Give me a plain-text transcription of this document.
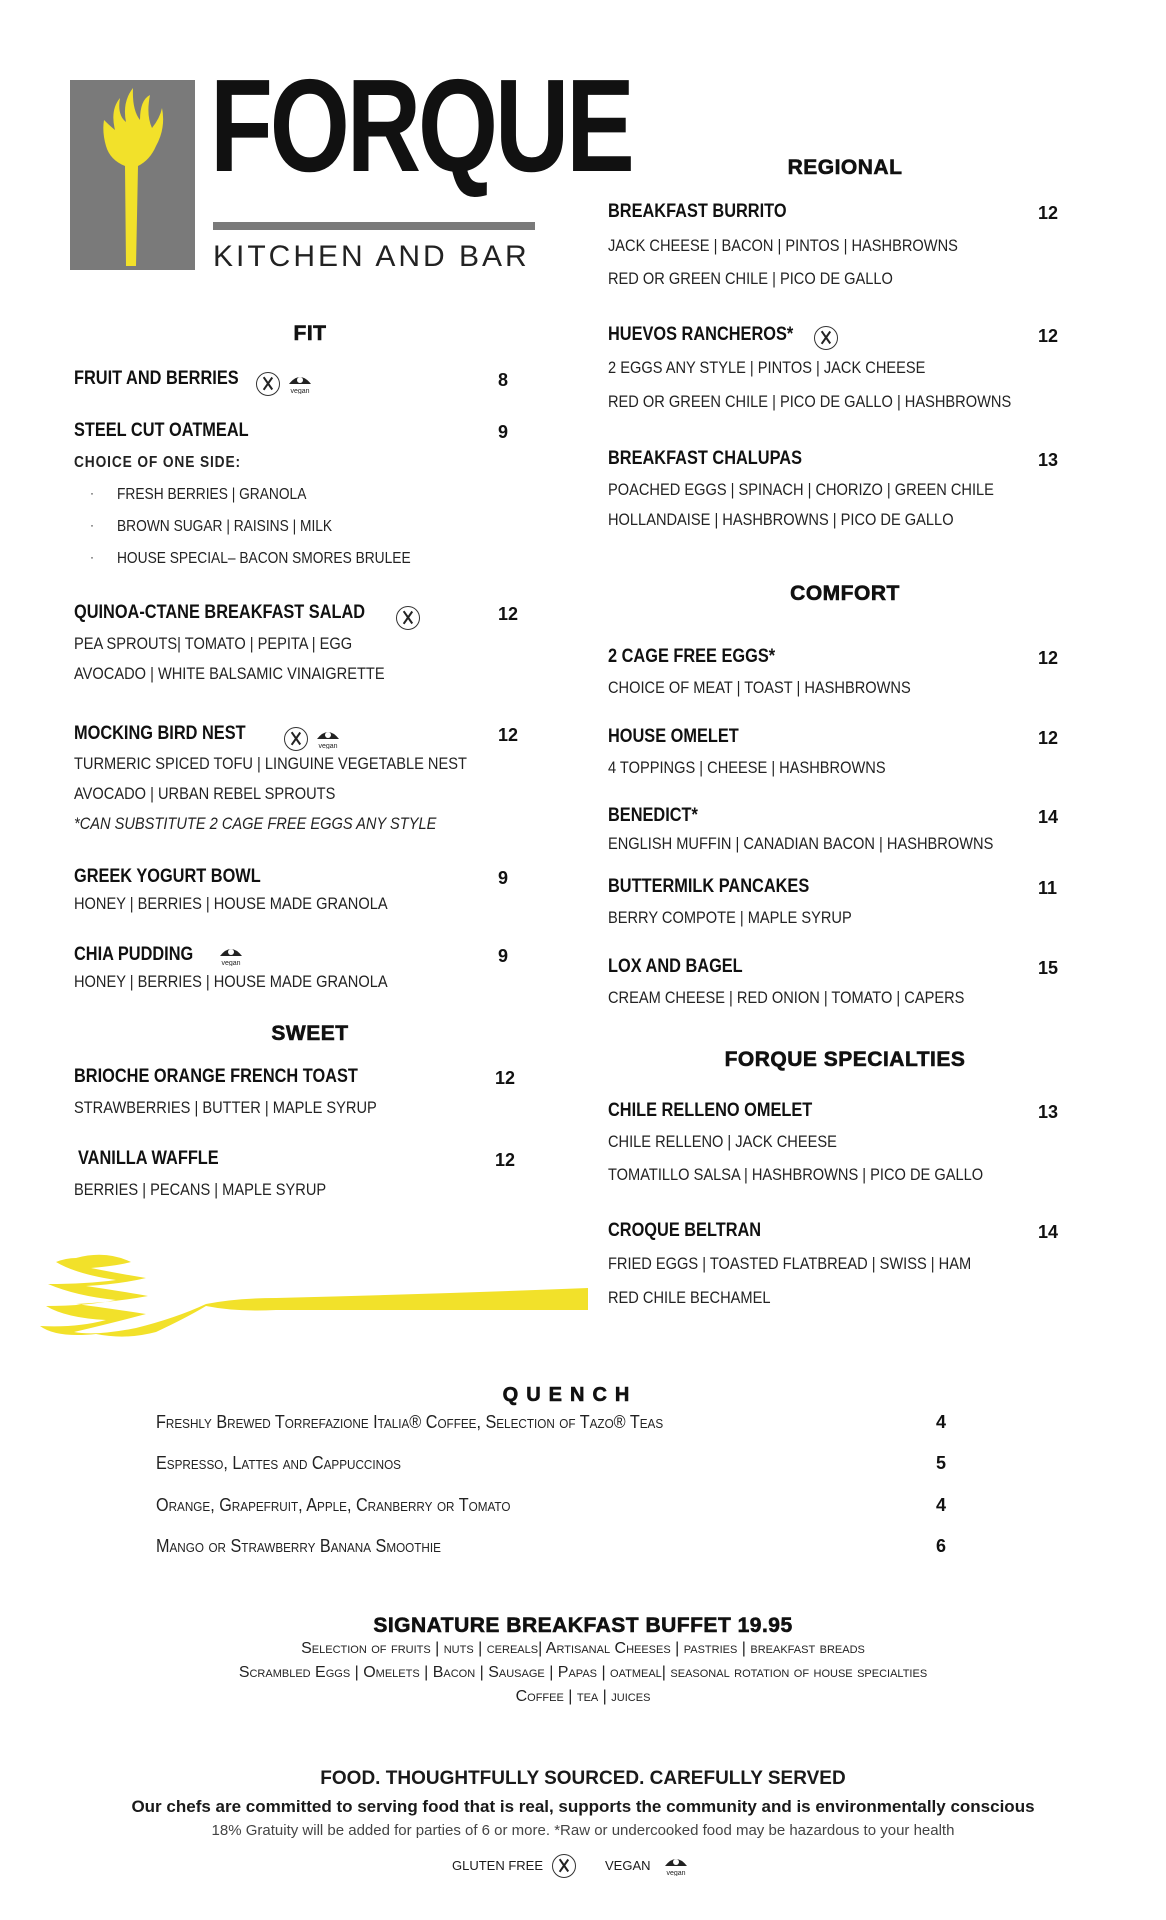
FORQUE
KITCHEN AND BAR
FIT
FRUIT AND BERRIES
vegan
8
STEEL CUT OATMEAL	9
CHOICE OF ONE SIDE:
· FRESH BERRIES | GRANOLA
· BROWN SUGAR | RAISINS | MILK
· HOUSE SPECIAL– BACON SMORES BRULEE
QUINOA-CTANE BREAKFAST SALAD	12
PEA SPROUTS| TOMATO | PEPITA | EGG
AVOCADO | WHITE BALSAMIC VINAIGRETTE
MOCKING BIRD NEST
vegan
12
TURMERIC SPICED TOFU | LINGUINE VEGETABLE NEST
AVOCADO | URBAN REBEL SPROUTS
*CAN SUBSTITUTE 2 CAGE FREE EGGS ANY STYLE
GREEK YOGURT BOWL	9
HONEY | BERRIES | HOUSE MADE GRANOLA
CHIA PUDDING	vegan	9
HONEY | BERRIES | HOUSE MADE GRANOLA
SWEET
BRIOCHE ORANGE FRENCH TOAST	12
STRAWBERRIES | BUTTER | MAPLE SYRUP
VANILLA WAFFLE	12
BERRIES | PECANS | MAPLE SYRUP
REGIONAL
BREAKFAST BURRITO	12
JACK CHEESE | BACON | PINTOS | HASHBROWNS
RED OR GREEN CHILE | PICO DE GALLO
HUEVOS RANCHEROS*	12
2 EGGS ANY STYLE | PINTOS | JACK CHEESE
RED OR GREEN CHILE | PICO DE GALLO | HASHBROWNS
BREAKFAST CHALUPAS	13
POACHED EGGS | SPINACH | CHORIZO | GREEN CHILE
HOLLANDAISE | HASHBROWNS | PICO DE GALLO
COMFORT
2 CAGE FREE EGGS*	12
CHOICE OF MEAT | TOAST | HASHBROWNS
HOUSE OMELET	12
4 TOPPINGS | CHEESE | HASHBROWNS
BENEDICT*	14
ENGLISH MUFFIN | CANADIAN BACON | HASHBROWNS
BUTTERMILK PANCAKES	11
BERRY COMPOTE | MAPLE SYRUP
LOX AND BAGEL	15
CREAM CHEESE | RED ONION | TOMATO | CAPERS
FORQUE SPECIALTIES
CHILE RELLENO OMELET	13
CHILE RELLENO | JACK CHEESE
TOMATILLO SALSA | HASHBROWNS | PICO DE GALLO
CROQUE BELTRAN	14
FRIED EGGS | TOASTED FLATBREAD | SWISS | HAM
RED CHILE BECHAMEL
QUENCH
Freshly Brewed Torrefazione Italia® Coffee, Selection of Tazo® Teas	4
Espresso, Lattes and Cappuccinos	5
Orange, Grapefruit, Apple, Cranberry or Tomato	4
Mango or Strawberry Banana Smoothie	6
SIGNATURE BREAKFAST BUFFET 19.95
Selection of fruits | nuts | cereals| Artisanal Cheeses | pastries | breakfast breads
Scrambled Eggs | Omelets | Bacon | Sausage | Papas | oatmeal| seasonal rotation of house specialties
Coffee | tea | juices
FOOD. THOUGHTFULLY SOURCED. CAREFULLY SERVED
Our chefs are committed to serving food that is real, supports the community and is environmentally conscious
18% Gratuity will be added for parties of 6 or more. *Raw or undercooked food may be hazardous to your health
GLUTEN FREE	VEGAN
vegan
